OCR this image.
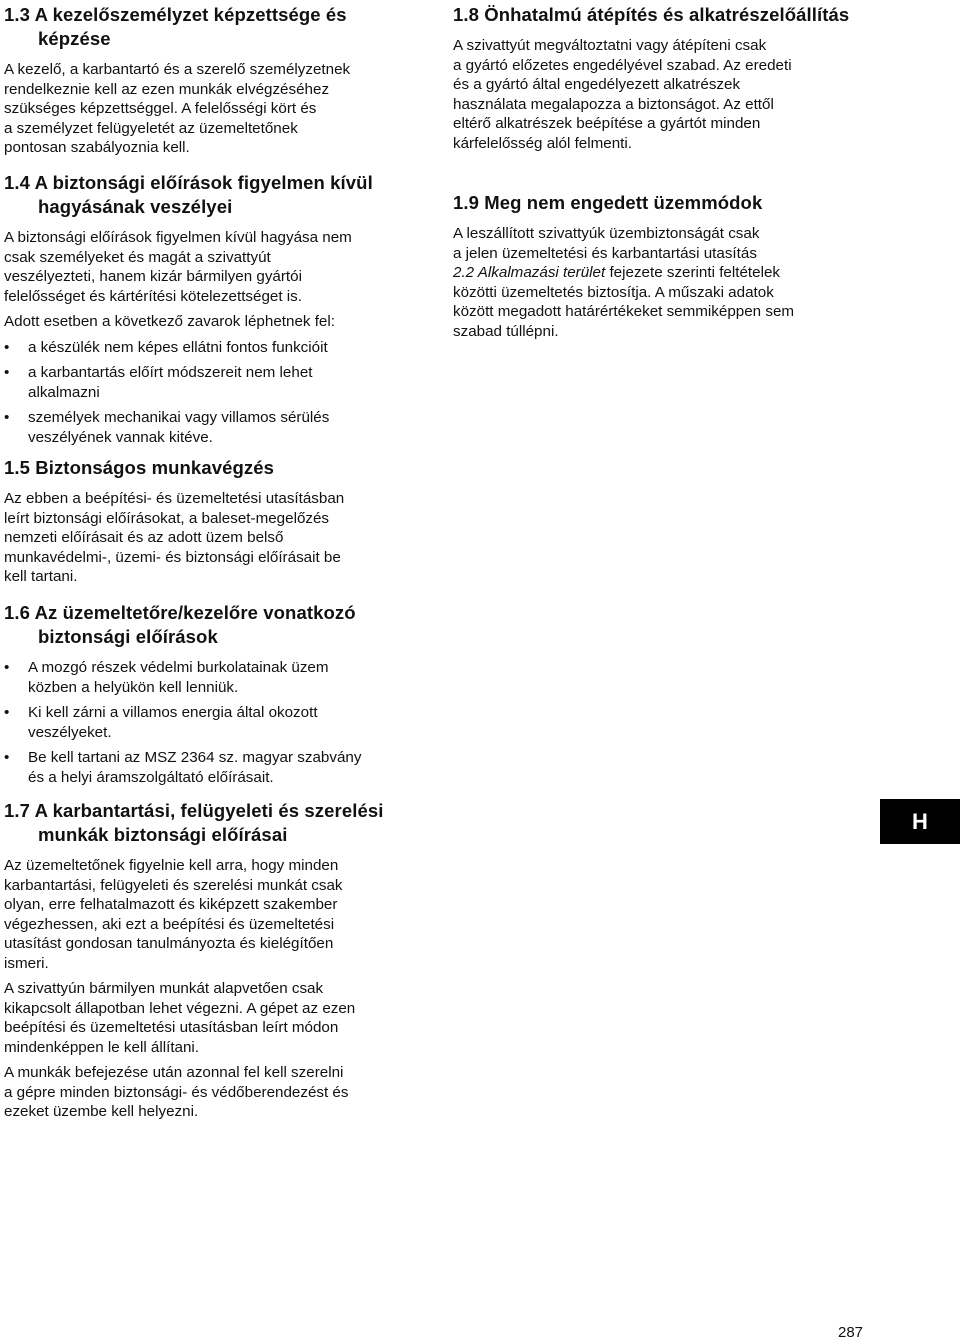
1.3 A kezelőszemélyzet képzettsége és képzése

A kezelő, a karbantartó és a szerelő személyzetnek
rendelkeznie kell az ezen munkák elvégzéséhez
szükséges képzettséggel. A felelősségi kört és
a személyzet felügyeletét az üzemeltetőnek
pontosan szabályoznia kell.

1.4 A biztonsági előírások figyelmen kívül hagyásának veszélyei

A biztonsági előírások figyelmen kívül hagyása nem
csak személyeket és magát a szivattyút
veszélyezteti, hanem kizár bármilyen gyártói
felelősséget és kártérítési kötelezettséget is.

Adott esetben a következő zavarok léphetnek fel:

• a készülék nem képes ellátni fontos funkcióit
• a karbantartás előírt módszereit nem lehet
alkalmazni
• személyek mechanikai vagy villamos sérülés
veszélyének vannak kitéve.
1.5 Biztonságos munkavégzés

Az ebben a beépítési- és üzemeltetési utasításban
leírt biztonsági előírásokat, a baleset-megelőzés
nemzeti előírásait és az adott üzem belső
munkavédelmi-, üzemi- és biztonsági előírásait be
kell tartani.

1.6 Az üzemeltetőre/kezelőre vonatkozó biztonsági előírások
• A mozgó részek védelmi burkolatainak üzem
közben a helyükön kell lenniük.
• Ki kell zárni a villamos energia által okozott
veszélyeket.
• Be kell tartani az MSZ 2364 sz. magyar szabvány
és a helyi áramszolgáltató előírásait.
1.7 A karbantartási, felügyeleti és szerelési munkák biztonsági előírásai

Az üzemeltetőnek figyelnie kell arra, hogy minden
karbantartási, felügyeleti és szerelési munkát csak
olyan, erre felhatalmazott és kiképzett szakember
végezhessen, aki ezt a beépítési és üzemeltetési
utasítást gondosan tanulmányozta és kielégítően
ismeri.

A szivattyún bármilyen munkát alapvetően csak
kikapcsolt állapotban lehet végezni. A gépet az ezen
beépítési és üzemeltetési utasításban leírt módon
mindenképpen le kell állítani.

A munkák befejezése után azonnal fel kell szerelni
a gépre minden biztonsági- és védőberendezést és
ezeket üzembe kell helyezni.

1.8 Önhatalmú átépítés és alkatrészelőállítás

A szivattyút megváltoztatni vagy átépíteni csak
a gyártó előzetes engedélyével szabad. Az eredeti
és a gyártó által engedélyezett alkatrészek
használata megalapozza a biztonságot. Az ettől
eltérő alkatrészek beépítése a gyártót minden
kárfelelősség alól felmenti.

1.9 Meg nem engedett üzemmódok

A leszállított szivattyúk üzembiztonságát csak
a jelen üzemeltetési és karbantartási utasítás
2.2 Alkalmazási terület fejezete szerinti feltételek
közötti üzemeltetés biztosítja. A műszaki adatok
között megadott határértékeket semmiképpen sem
szabad túllépni.

H
287
